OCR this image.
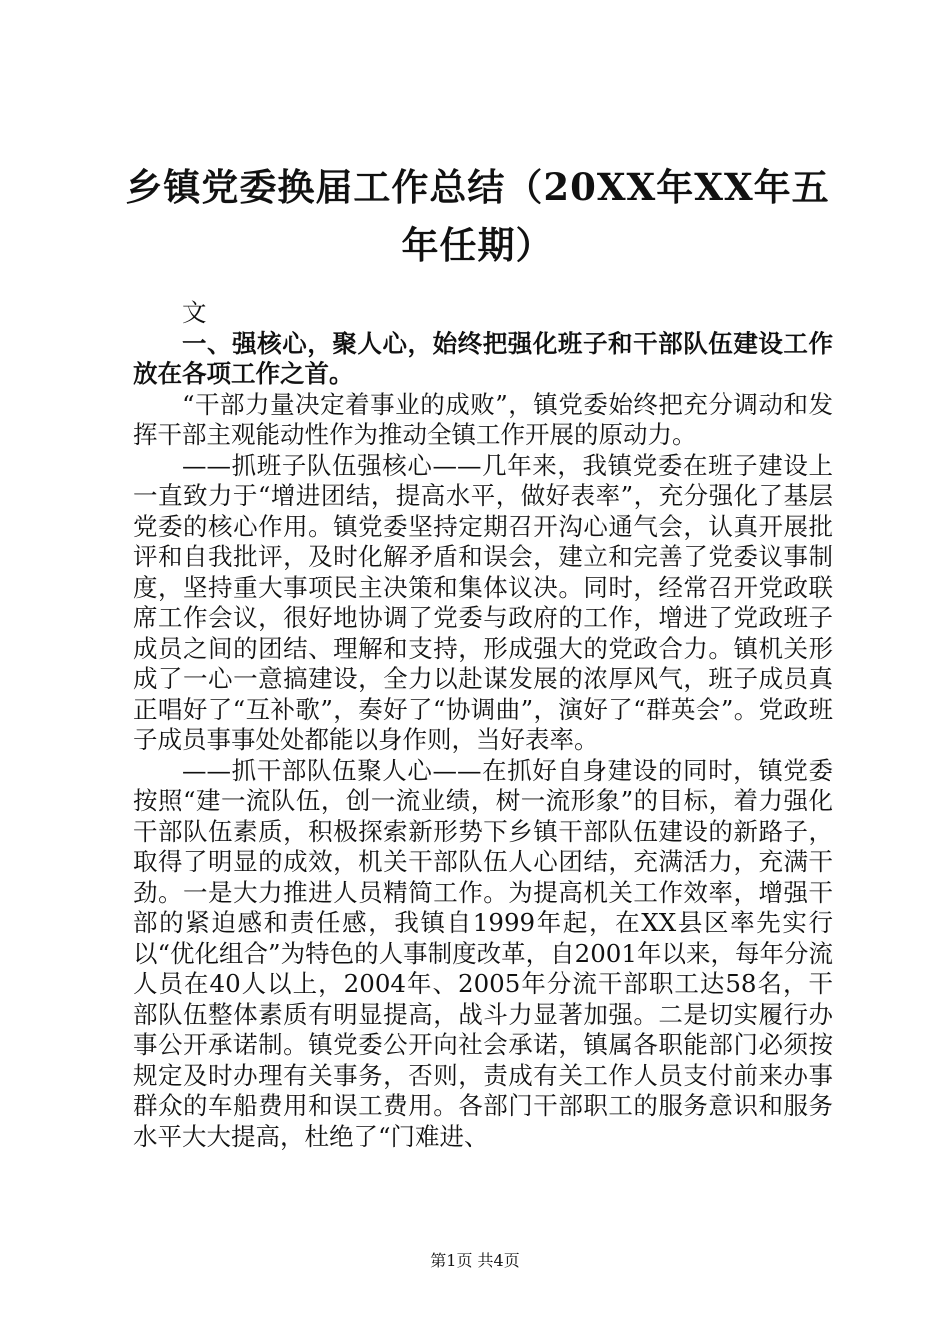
乡镇党委换届工作总结（20XX年XX年五年任期）

文

一、强核心，聚人心，始终把强化班子和干部队伍建设工作放在各项工作之首。

“干部力量决定着事业的成败”，镇党委始终把充分调动和发挥干部主观能动性作为推动全镇工作开展的原动力。

——抓班子队伍强核心——几年来，我镇党委在班子建设上一直致力于“增进团结，提高水平，做好表率”，充分强化了基层党委的核心作用。镇党委坚持定期召开沟心通气会，认真开展批评和自我批评，及时化解矛盾和误会，建立和完善了党委议事制度，坚持重大事项民主决策和集体议决。同时，经常召开党政联席工作会议，很好地协调了党委与政府的工作，增进了党政班子成员之间的团结、理解和支持，形成强大的党政合力。镇机关形成了一心一意搞建设，全力以赴谋发展的浓厚风气，班子成员真正唱好了“互补歌”，奏好了“协调曲”，演好了“群英会”。党政班子成员事事处处都能以身作则，当好表率。

——抓干部队伍聚人心——在抓好自身建设的同时，镇党委按照“建一流队伍，创一流业绩，树一流形象”的目标，着力强化干部队伍素质，积极探索新形势下乡镇干部队伍建设的新路子，取得了明显的成效，机关干部队伍人心团结，充满活力，充满干劲。一是大力推进人员精简工作。为提高机关工作效率，增强干部的紧迫感和责任感，我镇自1999年起，在XX县区率先实行以“优化组合”为特色的人事制度改革，自2001年以来，每年分流人员在40人以上，2004年、2005年分流干部职工达58名，干部队伍整体素质有明显提高，战斗力显著加强。二是切实履行办事公开承诺制。镇党委公开向社会承诺，镇属各职能部门必须按规定及时办理有关事务，否则，责成有关工作人员支付前来办事群众的车船费用和误工费用。各部门干部职工的服务意识和服务水平大大提高，杜绝了“门难进、

第1页 共4页
